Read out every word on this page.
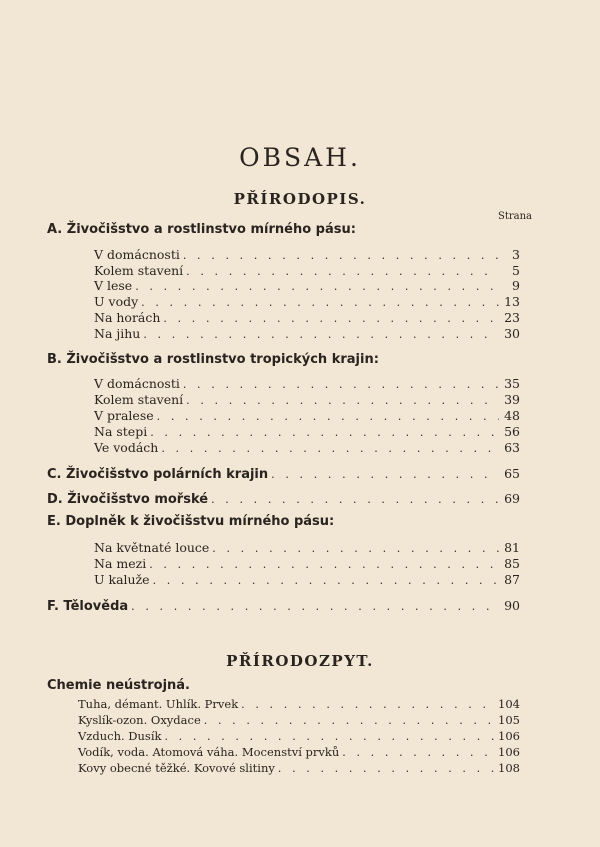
OBSAH.
PŘÍRODOPIS.
Strana
A. Živočišstvo a rostlinstvo mírného pásu:
V domácnosti . . .	3
Kolem stavení . . .	5
V lese . . .	9
U vody . . .	13
Na horách . . .	23
Na jihu . . .	30
B. Živočišstvo a rostlinstvo tropických krajin:
V domácnosti . . .	35
Kolem stavení . . .	39
V pralese . . .	48
Na stepi . . .	56
Ve vodách . . .	63
C. Živočišstvo polárních krajin . . .	65
D. Živočišstvo mořské . . .	69
E. Doplněk k živočišstvu mírného pásu:
Na květnaté louce . . .	81
Na mezi . . .	85
U kaluže . . .	87
F. Tělověda . . .	90
PŘÍRODOZPYT.
Chemie neústrojná.
Tuha, démant. Uhlík. Prvek . . .	104
Kyslík-ozon. Oxydace . . .	105
Vzduch. Dusík . . .	106
Vodík, voda. Atomová váha. Mocenství prvků . . .	106
Kovy obecné těžké. Kovové slitiny . . .	108
